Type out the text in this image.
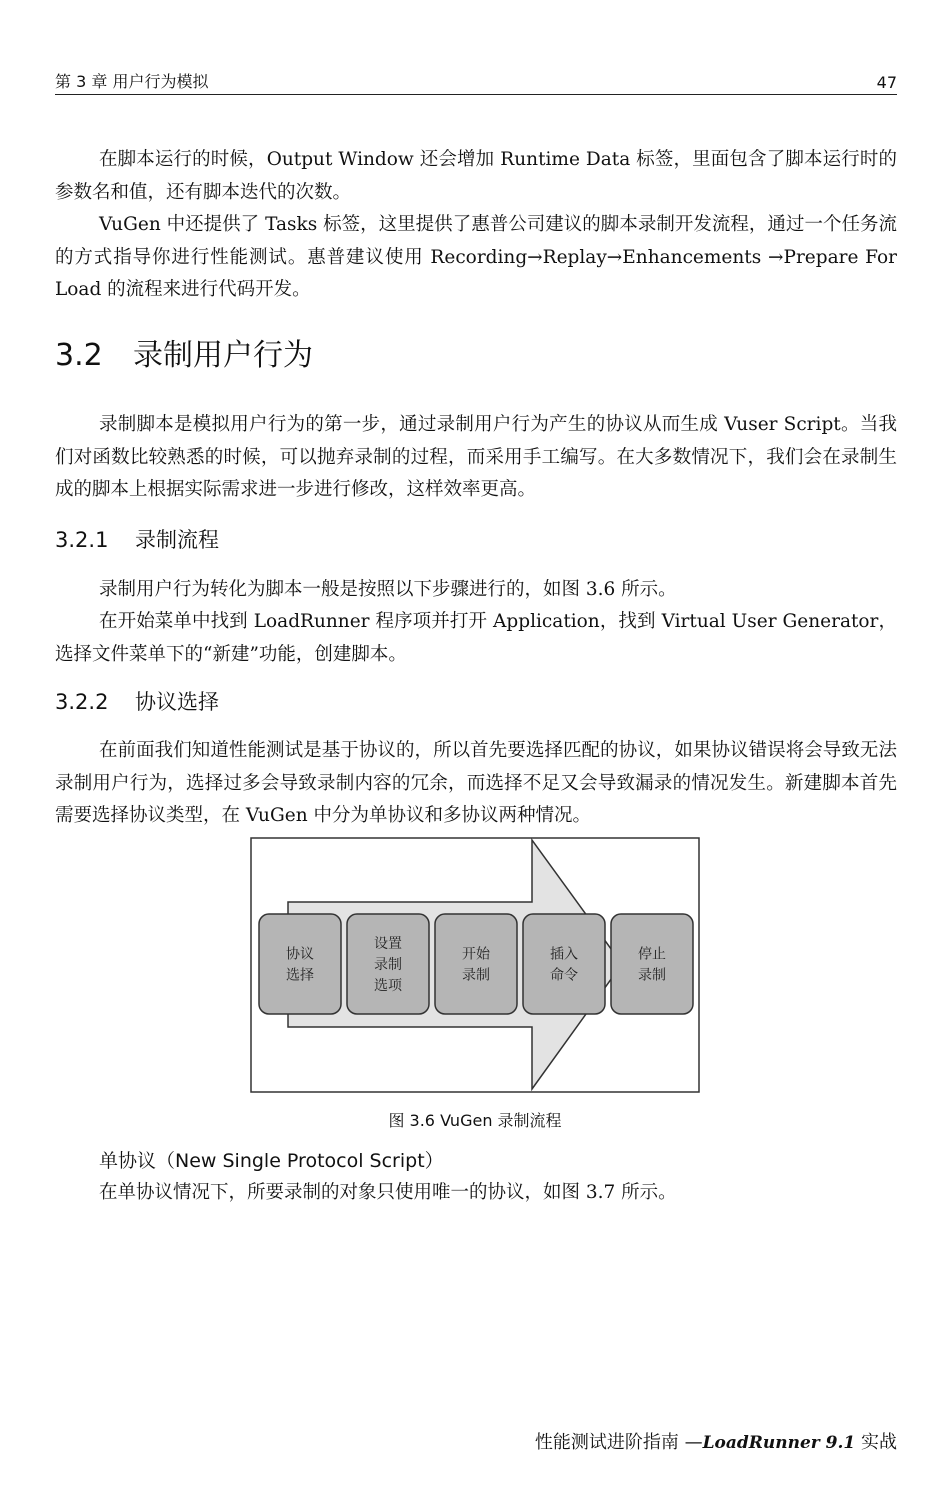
第 3 章 用户行为模拟	47

在脚本运行的时候，Output Window 还会增加 Runtime Data 标签，里面包含了脚本运行时的参数名和值，还有脚本迭代的次数。

VuGen 中还提供了 Tasks 标签，这里提供了惠普公司建议的脚本录制开发流程，通过一个任务流的方式指导你进行性能测试。惠普建议使用 Recording→Replay→Enhancements →Prepare For Load 的流程来进行代码开发。

3.2 录制用户行为

录制脚本是模拟用户行为的第一步，通过录制用户行为产生的协议从而生成 Vuser Script。当我们对函数比较熟悉的时候，可以抛弃录制的过程，而采用手工编写。在大多数情况下，我们会在录制生成的脚本上根据实际需求进一步进行修改，这样效率更高。

3.2.1 录制流程

录制用户行为转化为脚本一般是按照以下步骤进行的，如图 3.6 所示。

在开始菜单中找到 LoadRunner 程序项并打开 Application，找到 Virtual User Generator，选择文件菜单下的“新建”功能，创建脚本。

3.2.2 协议选择

在前面我们知道性能测试是基于协议的，所以首先要选择匹配的协议，如果协议错误将会导致无法录制用户行为，选择过多会导致录制内容的冗余，而选择不足又会导致漏录的情况发生。新建脚本首先需要选择协议类型，在 VuGen 中分为单协议和多协议两种情况。

协议
选择
设置
录制
选项
开始
录制
插入
命令
停止
录制
图 3.6 VuGen 录制流程
单协议（New Single Protocol Script）

在单协议情况下，所要录制的对象只使用唯一的协议，如图 3.7 所示。

性能测试进阶指南 —LoadRunner 9.1 实战
